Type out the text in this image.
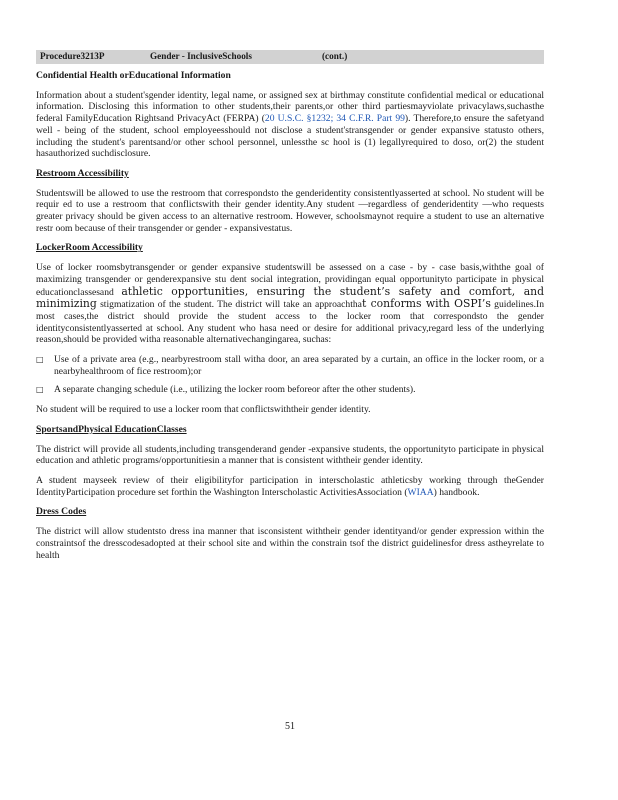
Procedure3213P	Gender - InclusiveSchools	(cont.)
Confidential Health orEducational Information

Information about a student'sgender identity, legal name, or assigned sex at birthmay constitute confidential medical or educational information. Disclosing this information to other students,their parents,or other third partiesmayviolate privacylaws,suchasthe federal FamilyEducation Rightsand PrivacyAct (FERPA) (20 U.S.C. §1232; 34 C.F.R. Part 99). Therefore,to ensure the safetyand well - being of the student, school employeesshould not disclose a student'stransgender or gender expansive statusto others, including the student's parentsand/or other school personnel, unlessthe sc hool is (1) legallyrequired to doso, or(2) the student hasauthorized suchdisclosure.

Restroom Accessibility

Studentswill be allowed to use the restroom that correspondsto the genderidentity consistentlyasserted at school. No student will be requir ed to use a restroom that conflictswith their gender identity.Any student —regardless of genderidentity —who requests greater privacy should be given access to an alternative restroom. However, schoolsmaynot require a student to use an alternative restr oom because of their transgender or gender - expansivestatus.

LockerRoom Accessibility

Use of locker roomsbytransgender or gender expansive studentswill be assessed on a case - by - case basis,withthe goal of maximizing transgender or genderexpansive stu dent social integration, providingan equal opportunityto participate in physical educationclassesand athletic opportunities, ensuring the student’s safety and comfort, and minimizing stigmatization of the student. The district will take an approachthat conforms with OSPI’s guidelines.In most cases,the district should provide the student access to the locker room that correspondsto the gender identityconsistentlyasserted at school. Any student who hasa need or desire for additional privacy,regard less of the underlying reason,should be provided witha reasonable alternativechangingarea, suchas:

□	Use of a private area (e.g., nearbyrestroom stall witha door, an area separated by a curtain, an office in the locker room, or a nearbyhealthroom of fice restroom);or
□	A separate changing schedule (i.e., utilizing the locker room beforeor after the other students).

No student will be required to use a locker room that conflictswiththeir gender identity.

SportsandPhysical EducationClasses

The district will provide all students,including transgenderand gender -expansive students, the opportunityto participate in physical education and athletic programs/opportunitiesin a manner that is consistent withtheir gender identity.

A student mayseek review of their eligibilityfor participation in interscholastic athleticsby working through theGender IdentityParticipation procedure set forthin the Washington Interscholastic ActivitiesAssociation (WIAA) handbook.

Dress Codes

The district will allow studentsto dress ina manner that isconsistent withtheir gender identityand/or gender expression within the constraintsof the dresscodesadopted at their school site and within the constrain tsof the district guidelinesfor dress astheyrelate to health

51
